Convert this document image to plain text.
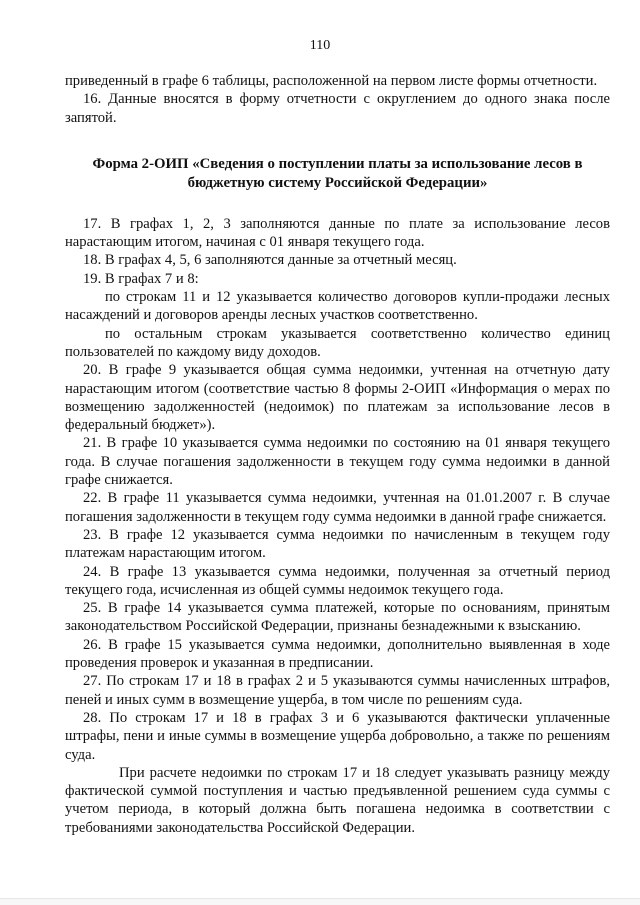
110

приведенный в графе 6 таблицы, расположенной на первом листе формы отчетности.

16. Данные вносятся в форму отчетности с округлением до одного знака после запятой.

Форма 2-ОИП «Сведения о поступлении платы за использование лесов в бюджетную систему Российской Федерации»

17. В графах 1, 2, 3 заполняются данные по плате за использование лесов нарастающим итогом, начиная с 01 января текущего года.

18. В графах 4, 5, 6 заполняются данные за отчетный месяц.

19. В графах 7 и 8:

по строкам 11 и 12 указывается количество договоров купли-продажи лесных насаждений и договоров аренды лесных участков соответственно.

по остальным строкам указывается соответственно количество единиц пользователей по каждому виду доходов.

20. В графе 9 указывается общая сумма недоимки, учтенная на отчетную дату нарастающим итогом (соответствие частью 8 формы 2-ОИП «Информация о мерах по возмещению задолженностей (недоимок) по платежам за использование лесов в федеральный бюджет»).

21. В графе 10 указывается сумма недоимки по состоянию на 01 января текущего года. В случае погашения задолженности в текущем году сумма недоимки в данной графе снижается.

22. В графе 11 указывается сумма недоимки, учтенная на 01.01.2007 г. В случае погашения задолженности в текущем году сумма недоимки в данной графе снижается.

23. В графе 12 указывается сумма недоимки по начисленным в текущем году платежам нарастающим итогом.

24. В графе 13 указывается сумма недоимки, полученная за отчетный период текущего года, исчисленная из общей суммы недоимок текущего года.

25. В графе 14 указывается сумма платежей, которые по основаниям, принятым законодательством Российской Федерации, признаны безнадежными к взысканию.

26. В графе 15 указывается сумма недоимки, дополнительно выявленная в ходе проведения проверок и указанная в предписании.

27. По строкам 17 и 18 в графах 2 и 5 указываются суммы начисленных штрафов, пеней и иных сумм в возмещение ущерба, в том числе по решениям суда.

28. По строкам 17 и 18 в графах 3 и 6 указываются фактически уплаченные штрафы, пени и иные суммы в возмещение ущерба добровольно, а также по решениям суда.

При расчете недоимки по строкам 17 и 18 следует указывать разницу между фактической суммой поступления и частью предъявленной решением суда суммы с учетом периода, в который должна быть погашена недоимка в соответствии с требованиями законодательства Российской Федерации.
